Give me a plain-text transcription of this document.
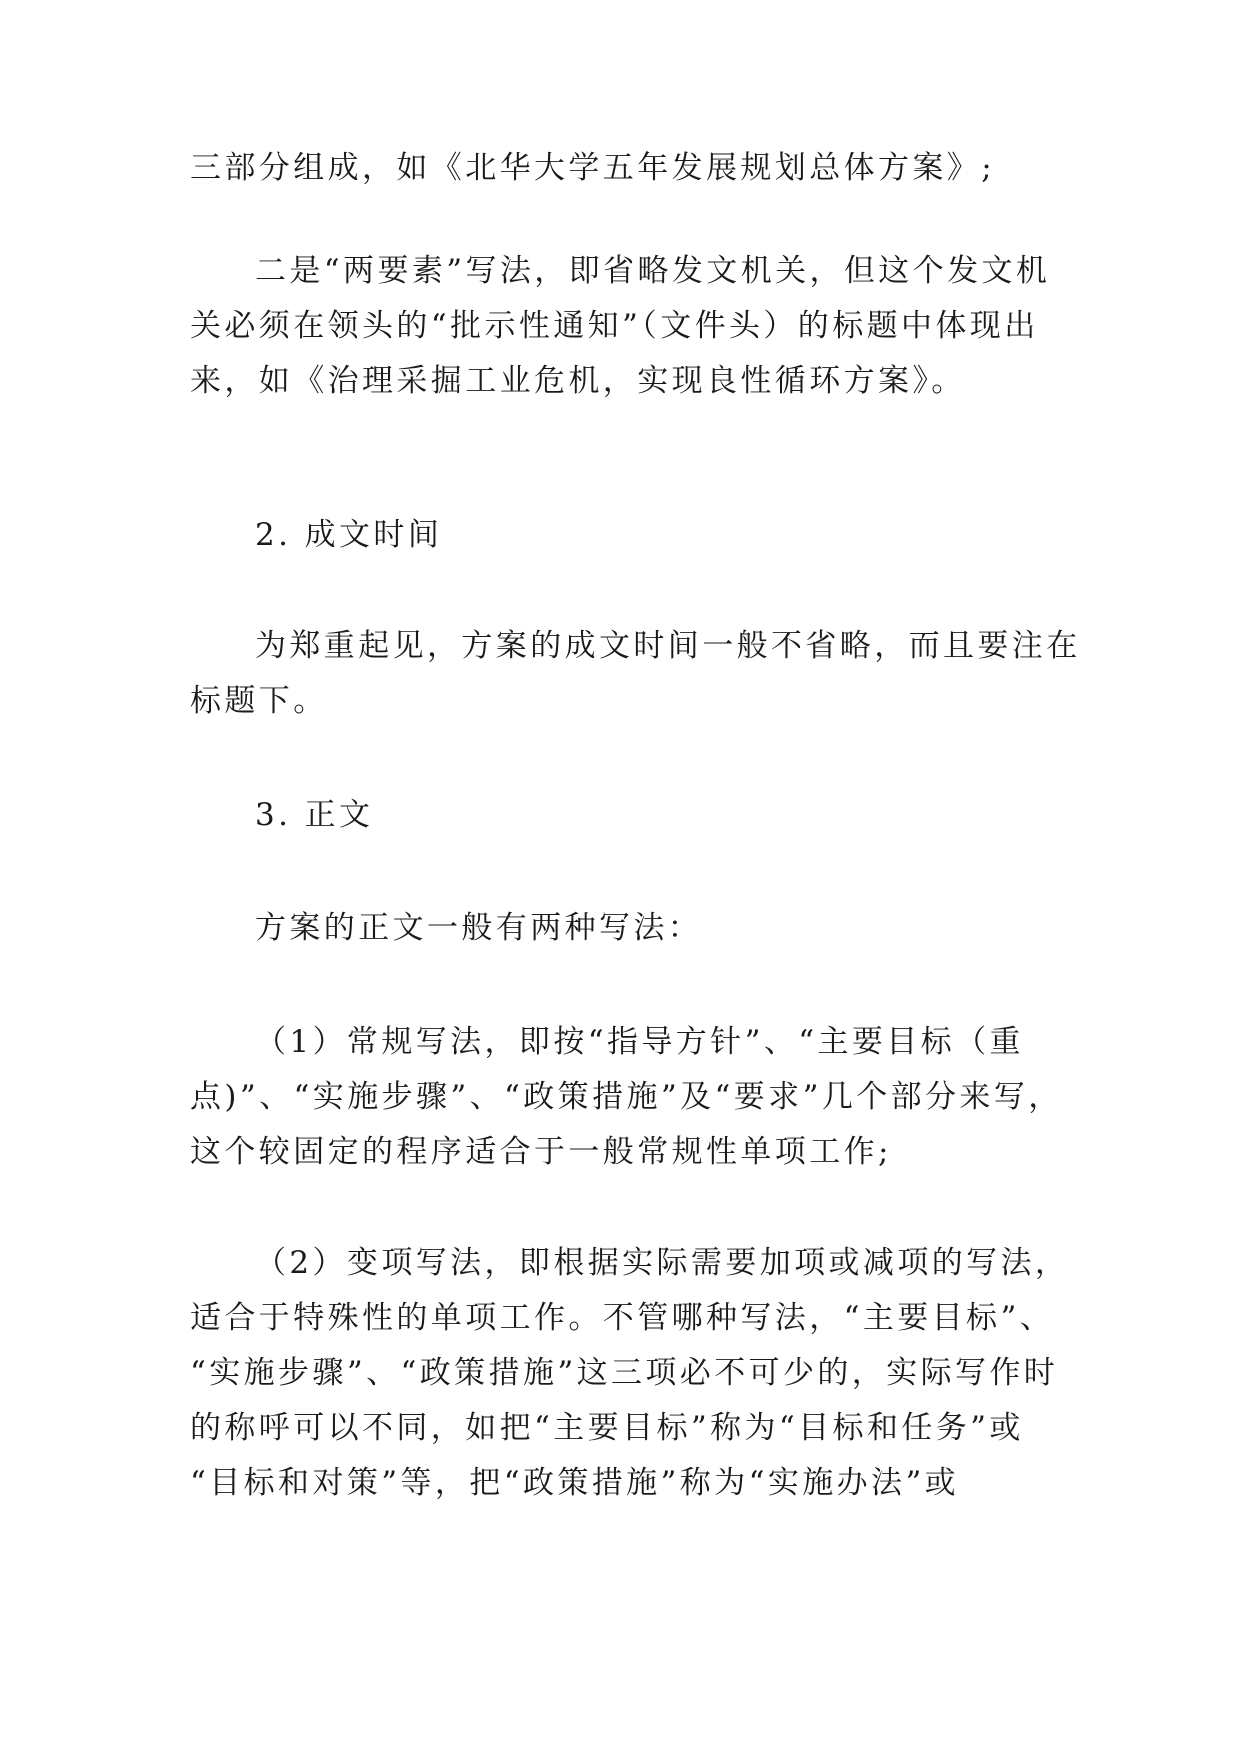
三部分组成，如《北华大学五年发展规划总体方案》;
二是“两要素”写法，即省略发文机关，但这个发文机
关必须在领头的“批示性通知”（文件头）的标题中体现出
来，如《治理采掘工业危机，实现良性循环方案》。
2. 成文时间
为郑重起见，方案的成文时间一般不省略，而且要注在
标题下。
3. 正文
方案的正文一般有两种写法：
（1）常规写法，即按“指导方针”、“主要目标（重
点)”、“实施步骤”、“政策措施”及“要求”几个部分来写，
这个较固定的程序适合于一般常规性单项工作;
（2）变项写法，即根据实际需要加项或减项的写法，
适合于特殊性的单项工作。不管哪种写法，“主要目标”、
“实施步骤”、“政策措施”这三项必不可少的，实际写作时
的称呼可以不同，如把“主要目标”称为“目标和任务”或
“目标和对策”等，把“政策措施”称为“实施办法”或
